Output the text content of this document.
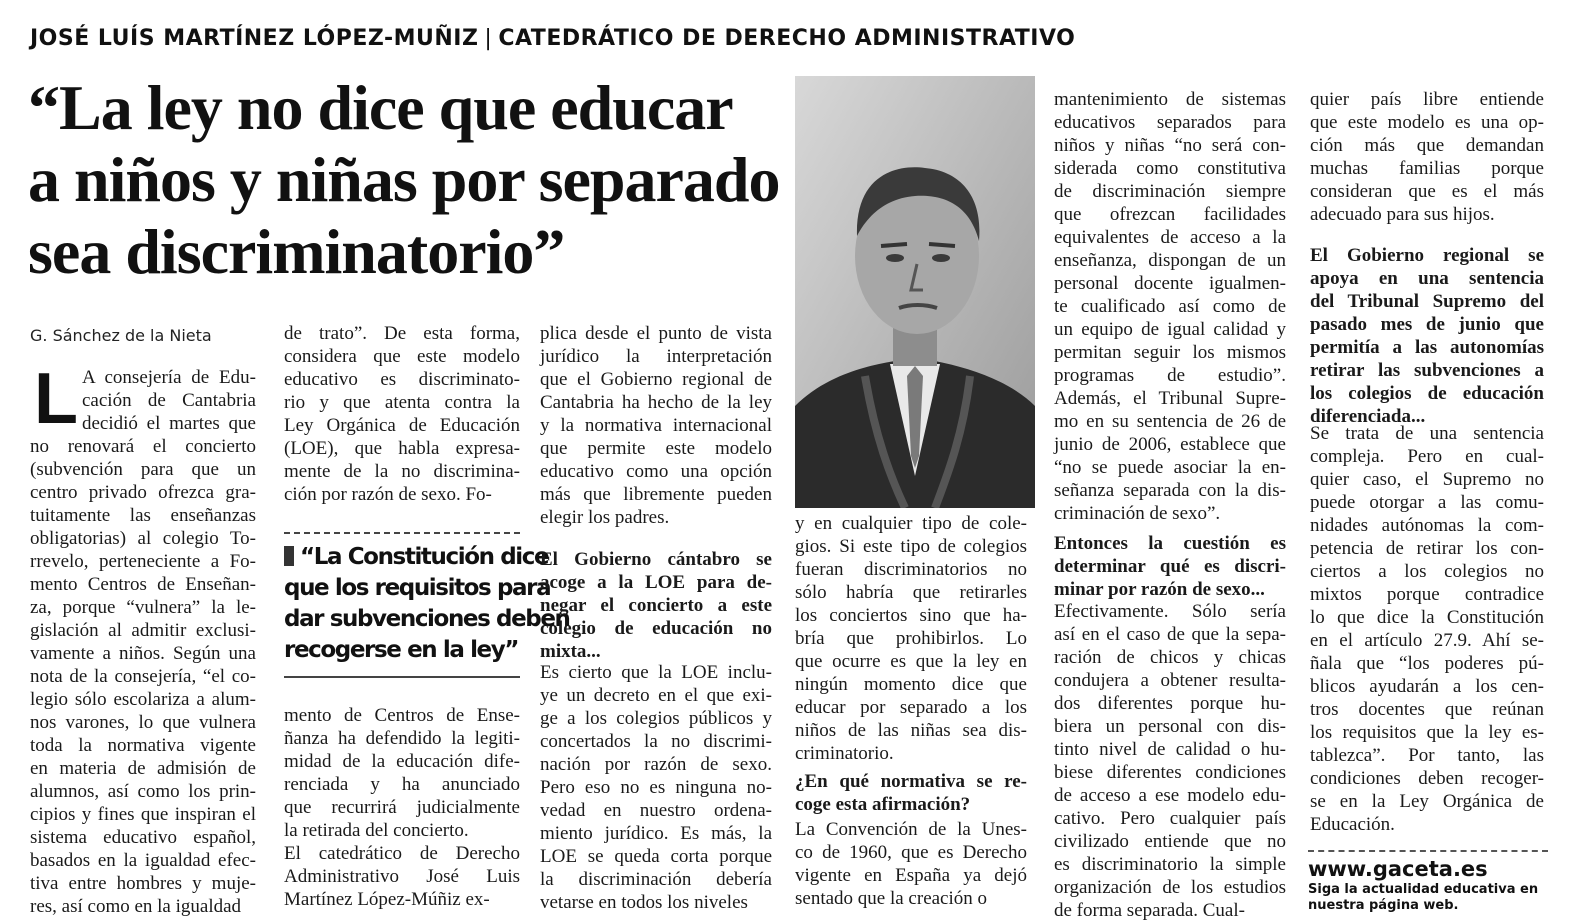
JOSÉ LUÍS MARTÍNEZ LÓPEZ-MUÑIZ | CATEDRÁTICO DE DERECHO ADMINISTRATIVO
“La ley no dice que educar
a niños y niñas por separado
sea discriminatorio”
G. Sánchez de la Nieta
L A consejería de Edu-
cación de Cantabria
decidió el martes que
no renovará el concierto
(subvención para que un
centro privado ofrezca gra-
tuitamente las enseñanzas
obligatorias) al colegio To-
rrevelo, perteneciente a Fo-
mento Centros de Enseñan-
za, porque “vulnera” la le-
gislación al admitir exclusi-
vamente a niños. Según una
nota de la consejería, “el co-
legio sólo escolariza a alum-
nos varones, lo que vulnera
toda la normativa vigente
en materia de admisión de
alumnos, así como los prin-
cipios y fines que inspiran el
sistema educativo español,
basados en la igualdad efec-
tiva entre hombres y muje-
res, así como en la igualdad
de trato”. De esta forma,
considera que este modelo
educativo es discriminato-
rio y que atenta contra la
Ley Orgánica de Educación
(LOE), que habla expresa-
mente de la no discrimina-
ción por razón de sexo. Fo-
“La Constitución dice
que los requisitos para
dar subvenciones deben
recogerse en la ley”
mento de Centros de Ense-
ñanza ha defendido la legiti-
midad de la educación dife-
renciada y ha anunciado
que recurrirá judicialmente
la retirada del concierto.
El catedrático de Derecho
Administrativo José Luis
Martínez López-Múñiz ex-
plica desde el punto de vista
jurídico la interpretación
que el Gobierno regional de
Cantabria ha hecho de la ley
y la normativa internacional
que permite este modelo
educativo como una opción
más que libremente pueden
elegir los padres.
El Gobierno cántabro se
acoge a la LOE para de-
negar el concierto a este
colegio de educación no
mixta...
Es cierto que la LOE inclu-
ye un decreto en el que exi-
ge a los colegios públicos y
concertados la no discrimi-
nación por razón de sexo.
Pero eso no es ninguna no-
vedad en nuestro ordena-
miento jurídico. Es más, la
LOE se queda corta porque
la discriminación debería
vetarse en todos los niveles
y en cualquier tipo de cole-
gios. Si este tipo de colegios
fueran discriminatorios no
sólo habría que retirarles
los conciertos sino que ha-
bría que prohibirlos. Lo
que ocurre es que la ley en
ningún momento dice que
educar por separado a los
niños de las niñas sea dis-
criminatorio.
¿En qué normativa se re-
coge esta afirmación?
La Convención de la Unes-
co de 1960, que es Derecho
vigente en España ya dejó
sentado que la creación o
mantenimiento de sistemas
educativos separados para
niños y niñas “no será con-
siderada como constitutiva
de discriminación siempre
que ofrezcan facilidades
equivalentes de acceso a la
enseñanza, dispongan de un
personal docente igualmen-
te cualificado así como de
un equipo de igual calidad y
permitan seguir los mismos
programas de estudio”.
Además, el Tribunal Supre-
mo en su sentencia de 26 de
junio de 2006, establece que
“no se puede asociar la en-
señanza separada con la dis-
criminación de sexo”.
Entonces la cuestión es
determinar qué es discri-
minar por razón de sexo...
Efectivamente. Sólo sería
así en el caso de que la sepa-
ración de chicos y chicas
condujera a obtener resulta-
dos diferentes porque hu-
biera un personal con dis-
tinto nivel de calidad o hu-
biese diferentes condiciones
de acceso a ese modelo edu-
cativo. Pero cualquier país
civilizado entiende que no
es discriminatorio la simple
organización de los estudios
de forma separada. Cual-
quier país libre entiende
que este modelo es una op-
ción más que demandan
muchas familias porque
consideran que es el más
adecuado para sus hijos.
El Gobierno regional se
apoya en una sentencia
del Tribunal Supremo del
pasado mes de junio que
permitía a las autonomías
retirar las subvenciones a
los colegios de educación
diferenciada...
Se trata de una sentencia
compleja. Pero en cual-
quier caso, el Supremo no
puede otorgar a las comu-
nidades autónomas la com-
petencia de retirar los con-
ciertos a los colegios no
mixtos porque contradice
lo que dice la Constitución
en el artículo 27.9. Ahí se-
ñala que “los poderes pú-
blicos ayudarán a los cen-
tros docentes que reúnan
los requisitos que la ley es-
tablezca”. Por tanto, las
condiciones deben recoger-
se en la Ley Orgánica de
Educación.
www.gaceta.es
Siga la actualidad educativa en nuestra página web.
